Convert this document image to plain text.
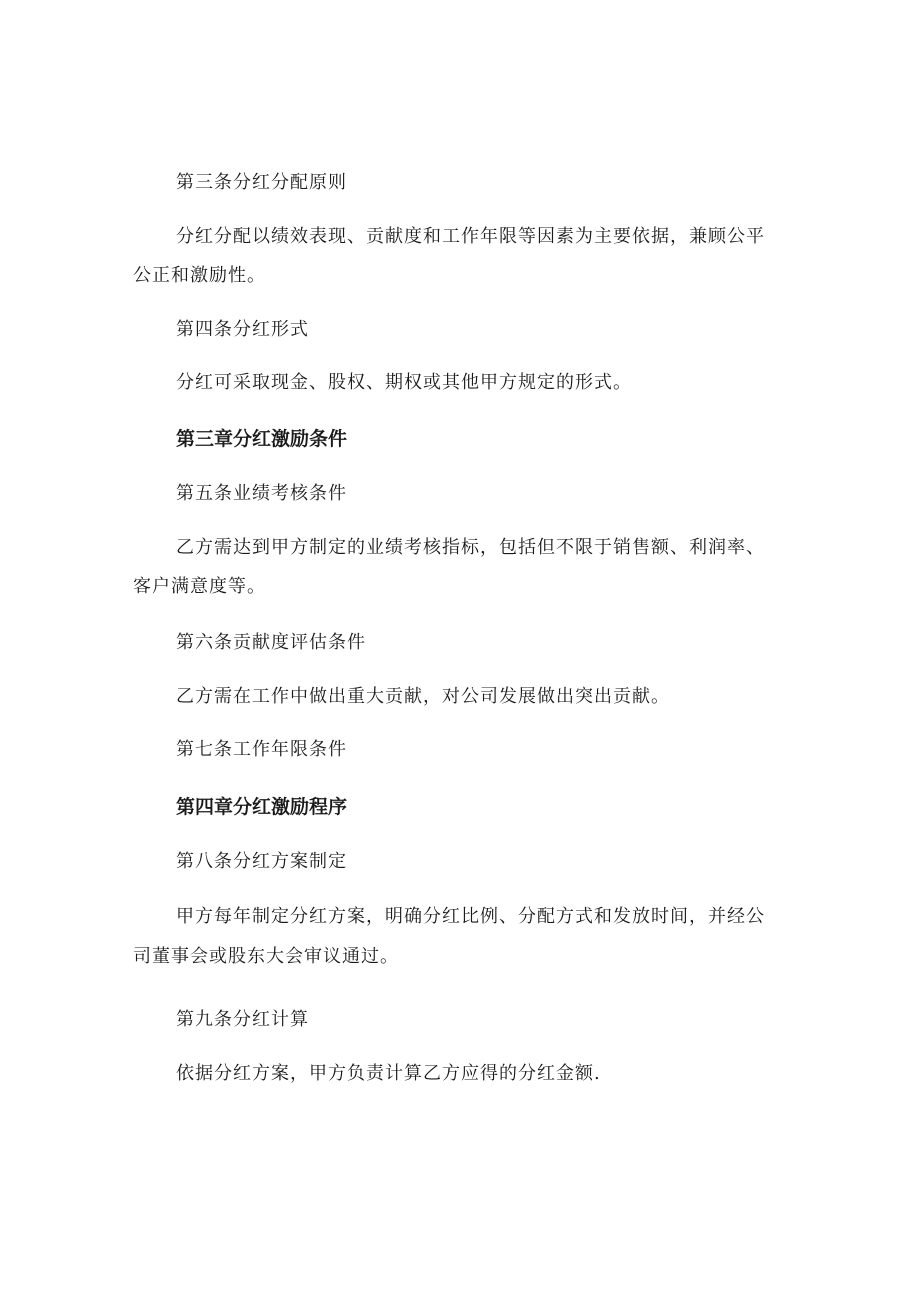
第三条分红分配原则
分红分配以绩效表现、贡献度和工作年限等因素为主要依据，兼顾公平
公正和激励性。
第四条分红形式
分红可采取现金、股权、期权或其他甲方规定的形式。
第三章分红激励条件
第五条业绩考核条件
乙方需达到甲方制定的业绩考核指标，包括但不限于销售额、利润率、
客户满意度等。
第六条贡献度评估条件
乙方需在工作中做出重大贡献，对公司发展做出突出贡献。
第七条工作年限条件
第四章分红激励程序
第八条分红方案制定
甲方每年制定分红方案，明确分红比例、分配方式和发放时间，并经公
司董事会或股东大会审议通过。
第九条分红计算
依据分红方案，甲方负责计算乙方应得的分红金额.
